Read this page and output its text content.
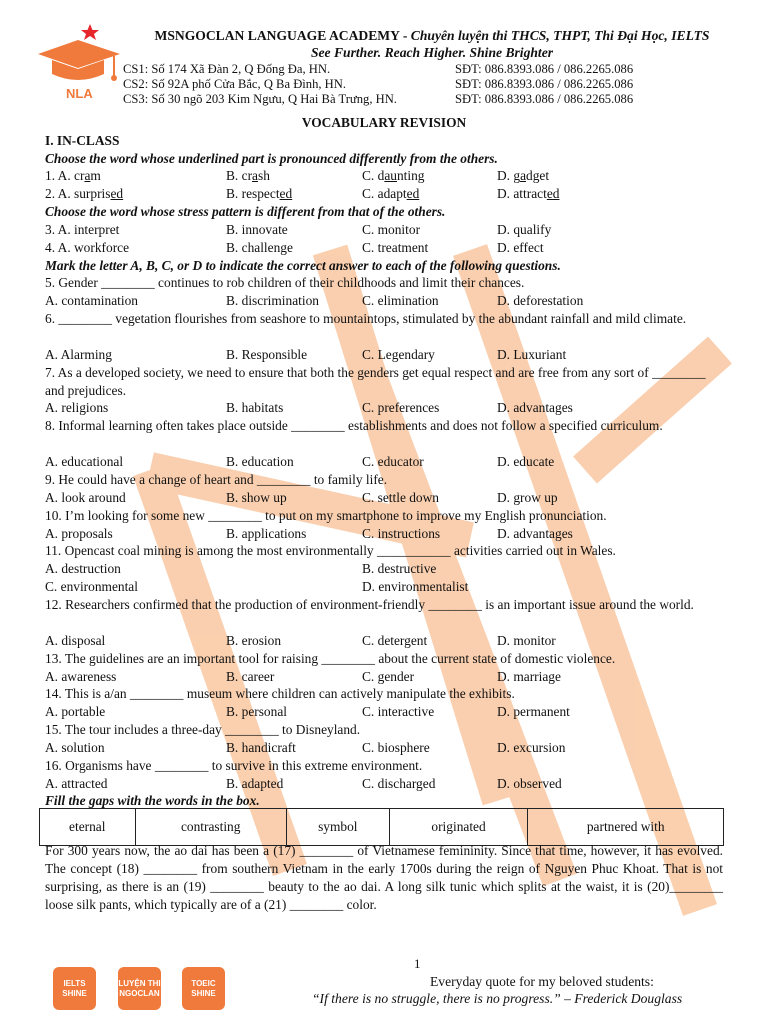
NLA
MSNGOCLAN LANGUAGE ACADEMY - Chuyên luyện thi THCS, THPT, Thi Đại Học, IELTS
See Further. Reach Higher. Shine Brighter
CS1: Số 174 Xã Đàn 2, Q Đống Đa, HN.	SĐT: 086.8393.086 / 086.2265.086
CS2: Số 92A phố Cửa Bắc, Q Ba Đình, HN.	SĐT: 086.8393.086 / 086.2265.086
CS3: Số 30 ngõ 203 Kim Ngưu, Q Hai Bà Trưng, HN.	SĐT: 086.8393.086 / 086.2265.086
VOCABULARY REVISION
I. IN-CLASS
Choose the word whose underlined part is pronounced differently from the others.
1. A. cram	B. crash	C. daunting	D. gadget
2. A. surprised	B. respected	C. adapted	D. attracted
Choose the word whose stress pattern is different from that of the others.
3. A. interpret	B. innovate	C. monitor	D. qualify
4. A. workforce	B. challenge	C. treatment	D. effect
Mark the letter A, B, C, or D to indicate the correct answer to each of the following questions.
5. Gender ________ continues to rob children of their childhoods and limit their chances.
A. contamination	B. discrimination	C. elimination	D. deforestation
6. ________ vegetation flourishes from seashore to mountaintops, stimulated by the abundant rainfall and mild climate.
A. Alarming	B. Responsible	C. Legendary	D. Luxuriant
7. As a developed society, we need to ensure that both the genders get equal respect and are free from any sort of ________ and prejudices.
A. religions	B. habitats	C. preferences	D. advantages
8. Informal learning often takes place outside ________ establishments and does not follow a specified curriculum.
A. educational	B. education	C. educator	D. educate
9. He could have a change of heart and ________ to family life.
A. look around	B. show up	C. settle down	D. grow up
10. I’m looking for some new ________ to put on my smartphone to improve my English pronunciation.
A. proposals	B. applications	C. instructions	D. advantages
11. Opencast coal mining is among the most environmentally ___________ activities carried out in Wales.
A. destruction	B. destructive
C. environmental	D. environmentalist
12. Researchers confirmed that the production of environment-friendly ________ is an important issue around the world.
A. disposal	B. erosion	C. detergent	D. monitor
13. The guidelines are an important tool for raising ________ about the current state of domestic violence.
A. awareness	B. career	C. gender	D. marriage
14. This is a/an ________ museum where children can actively manipulate the exhibits.
A. portable	B. personal	C. interactive	D. permanent
15. The tour includes a three-day ________ to Disneyland.
A. solution	B. handicraft	C. biosphere	D. excursion
16. Organisms have ________ to survive in this extreme environment.
A. attracted	B. adapted	C. discharged	D. observed
Fill the gaps with the words in the box.
eternal	contrasting	symbol	originated	partnered with
For 300 years now, the ao dai has been a (17) ________ of Vietnamese femininity. Since that time, however, it has evolved. The concept (18) ________ from southern Vietnam in the early 1700s during the reign of Nguyen Phuc Khoat. That is not surprising, as there is an (19) ________ beauty to the ao dai. A long silk tunic which splits at the waist, it is (20)________ loose silk pants, which typically are of a (21) ________ color.
IELTS SHINE
LUYỆN THI NGOCLAN
TOEIC SHINE
1
Everyday quote for my beloved students:
“If there is no struggle, there is no progress.” – Frederick Douglass
